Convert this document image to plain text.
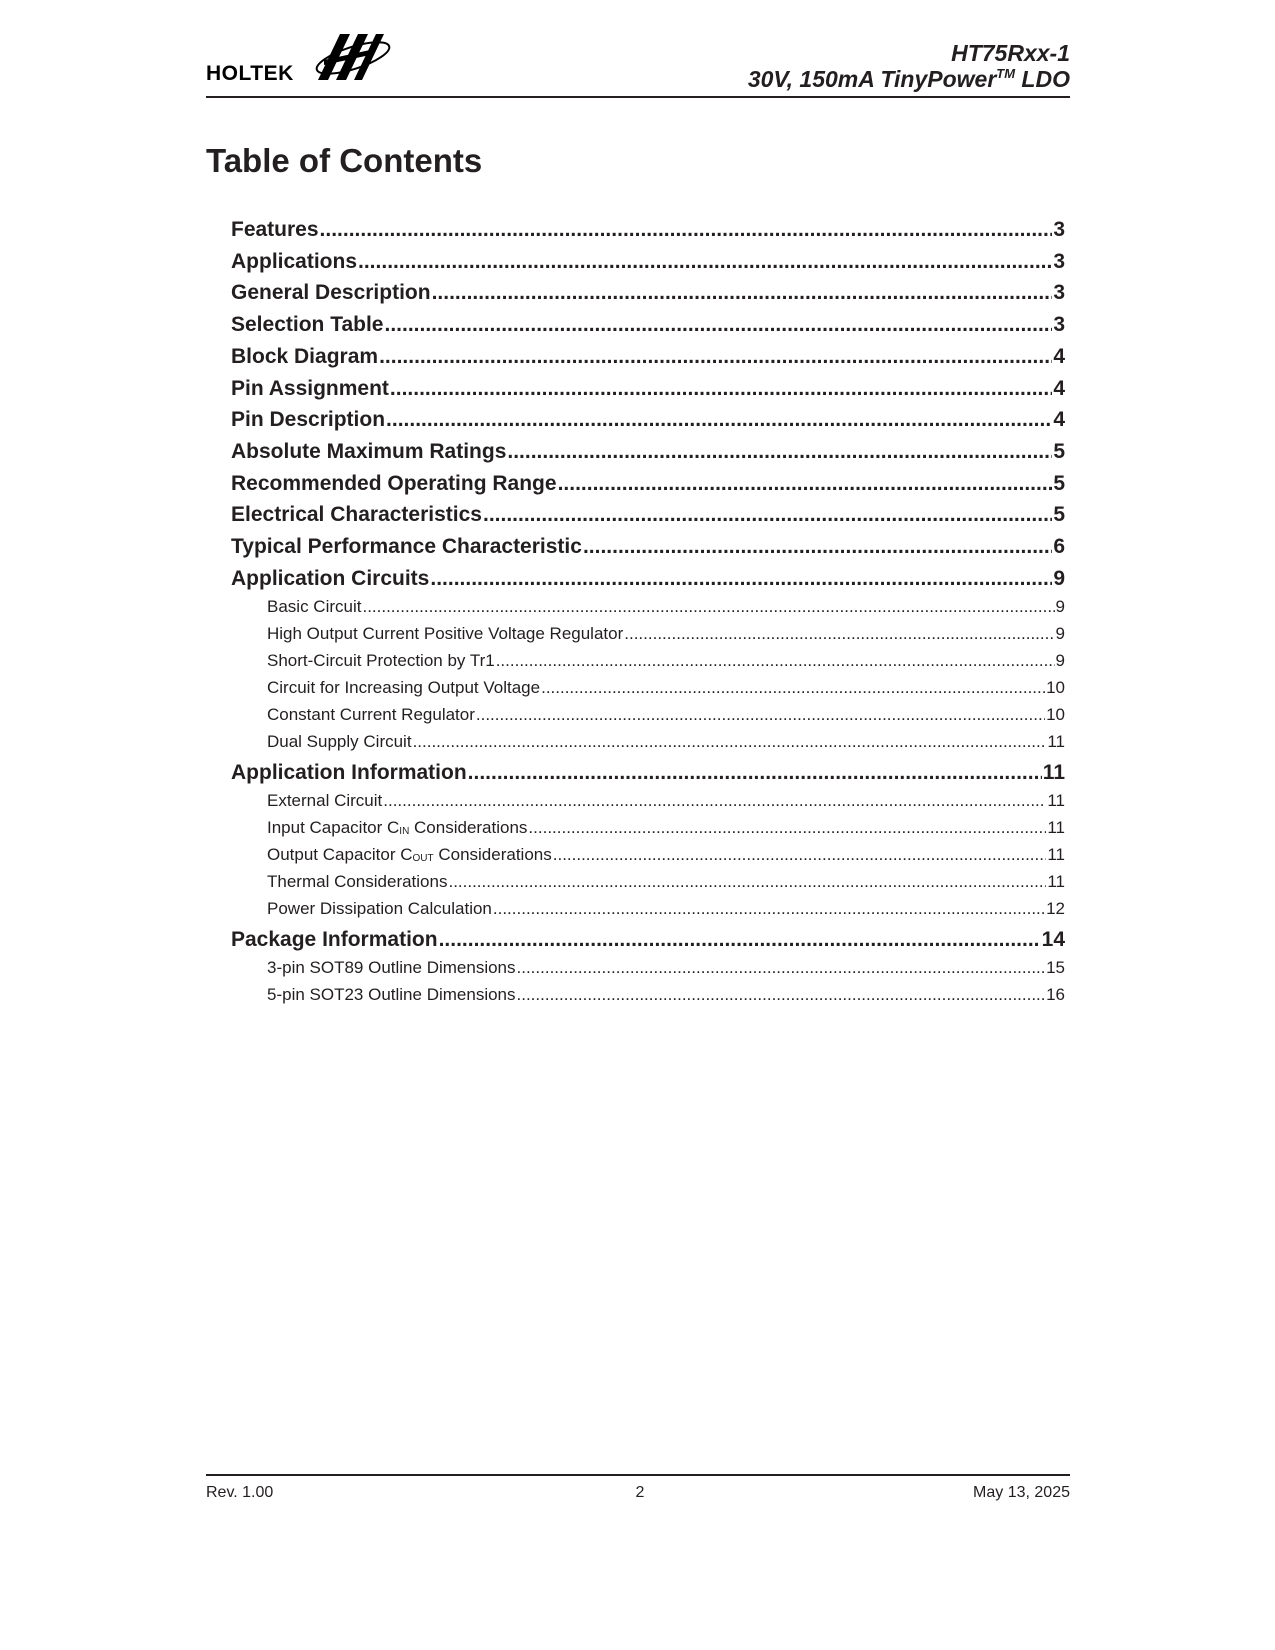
HOLTEK
HT75Rxx-1
30V, 150mA TinyPower™ LDO
Table of Contents
Features .....	3
Applications .....	3
General Description .....	3
Selection Table .....	3
Block Diagram .....	4
Pin Assignment .....	4
Pin Description .....	4
Absolute Maximum Ratings .....	5
Recommended Operating Range .....	5
Electrical Characteristics .....	5
Typical Performance Characteristic .....	6
Application Circuits .....	9
Basic Circuit .....	9
High Output Current Positive Voltage Regulator .....	9
Short-Circuit Protection by Tr1 .....	9
Circuit for Increasing Output Voltage .....	10
Constant Current Regulator .....	10
Dual Supply Circuit .....	11
Application Information .....	11
External Circuit .....	11
Input Capacitor $C_{IN}$ Considerations .....	11
Output Capacitor $C_{OUT}$ Considerations .....	11
Thermal Considerations .....	11
Power Dissipation Calculation .....	12
Package Information .....	14
3-pin SOT89 Outline Dimensions .....	15
5-pin SOT23 Outline Dimensions .....	16
Rev. 1.00	2	May 13, 2025
